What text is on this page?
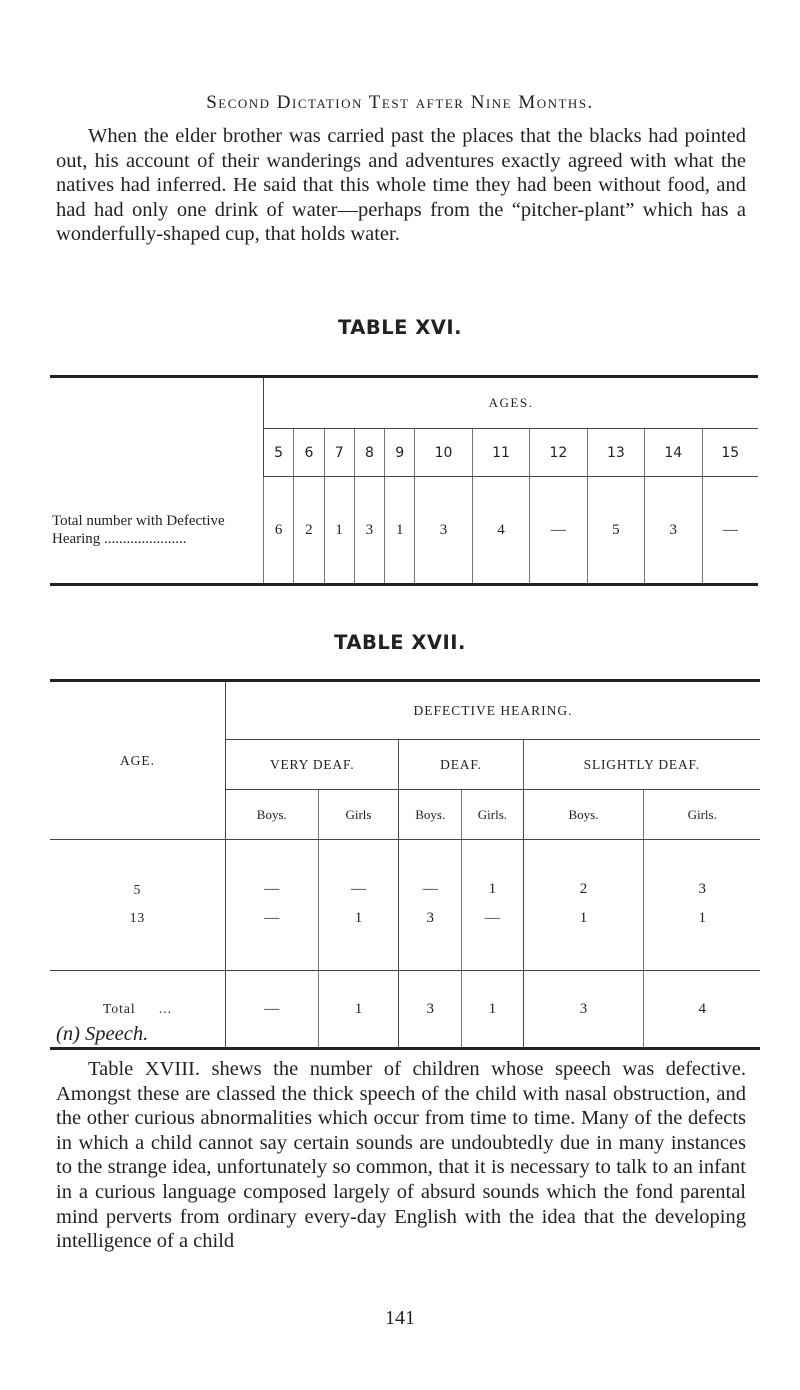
Second Dictation Test after Nine Months.

When the elder brother was carried past the places that the blacks had pointed out, his account of their wanderings and adventures exactly agreed with what the natives had inferred. He said that this whole time they had been without food, and had had only one drink of water—perhaps from the “pitcher-plant” which has a wonderfully-shaped cup, that holds water.

TABLE XVI.
	AGES.										
	5	6	7	8	9	10	11	12	13	14	15
Total number with Defective Hearing ......................	6	2	1	3	1	3	4	—	5	3	—
TABLE XVII.
AGE.	DEFECTIVE HEARING.					
	VERY DEAF.		DEAF.		SLIGHTLY DEAF.	
	Boys.	Girls	Boys.	Girls.	Boys.	Girls.
5	—	—	—	1	2	3
13	—	1	3	—	1	1
Total   ...	—	1	3	1	3	4
(n) Speech.

Table XVIII. shews the number of children whose speech was defective. Amongst these are classed the thick speech of the child with nasal obstruction, and the other curious abnormalities which occur from time to time. Many of the defects in which a child cannot say certain sounds are undoubtedly due in many instances to the strange idea, unfortunately so common, that it is necessary to talk to an infant in a curious language composed largely of absurd sounds which the fond parental mind perverts from ordinary every-day English with the idea that the developing intelligence of a child

141
